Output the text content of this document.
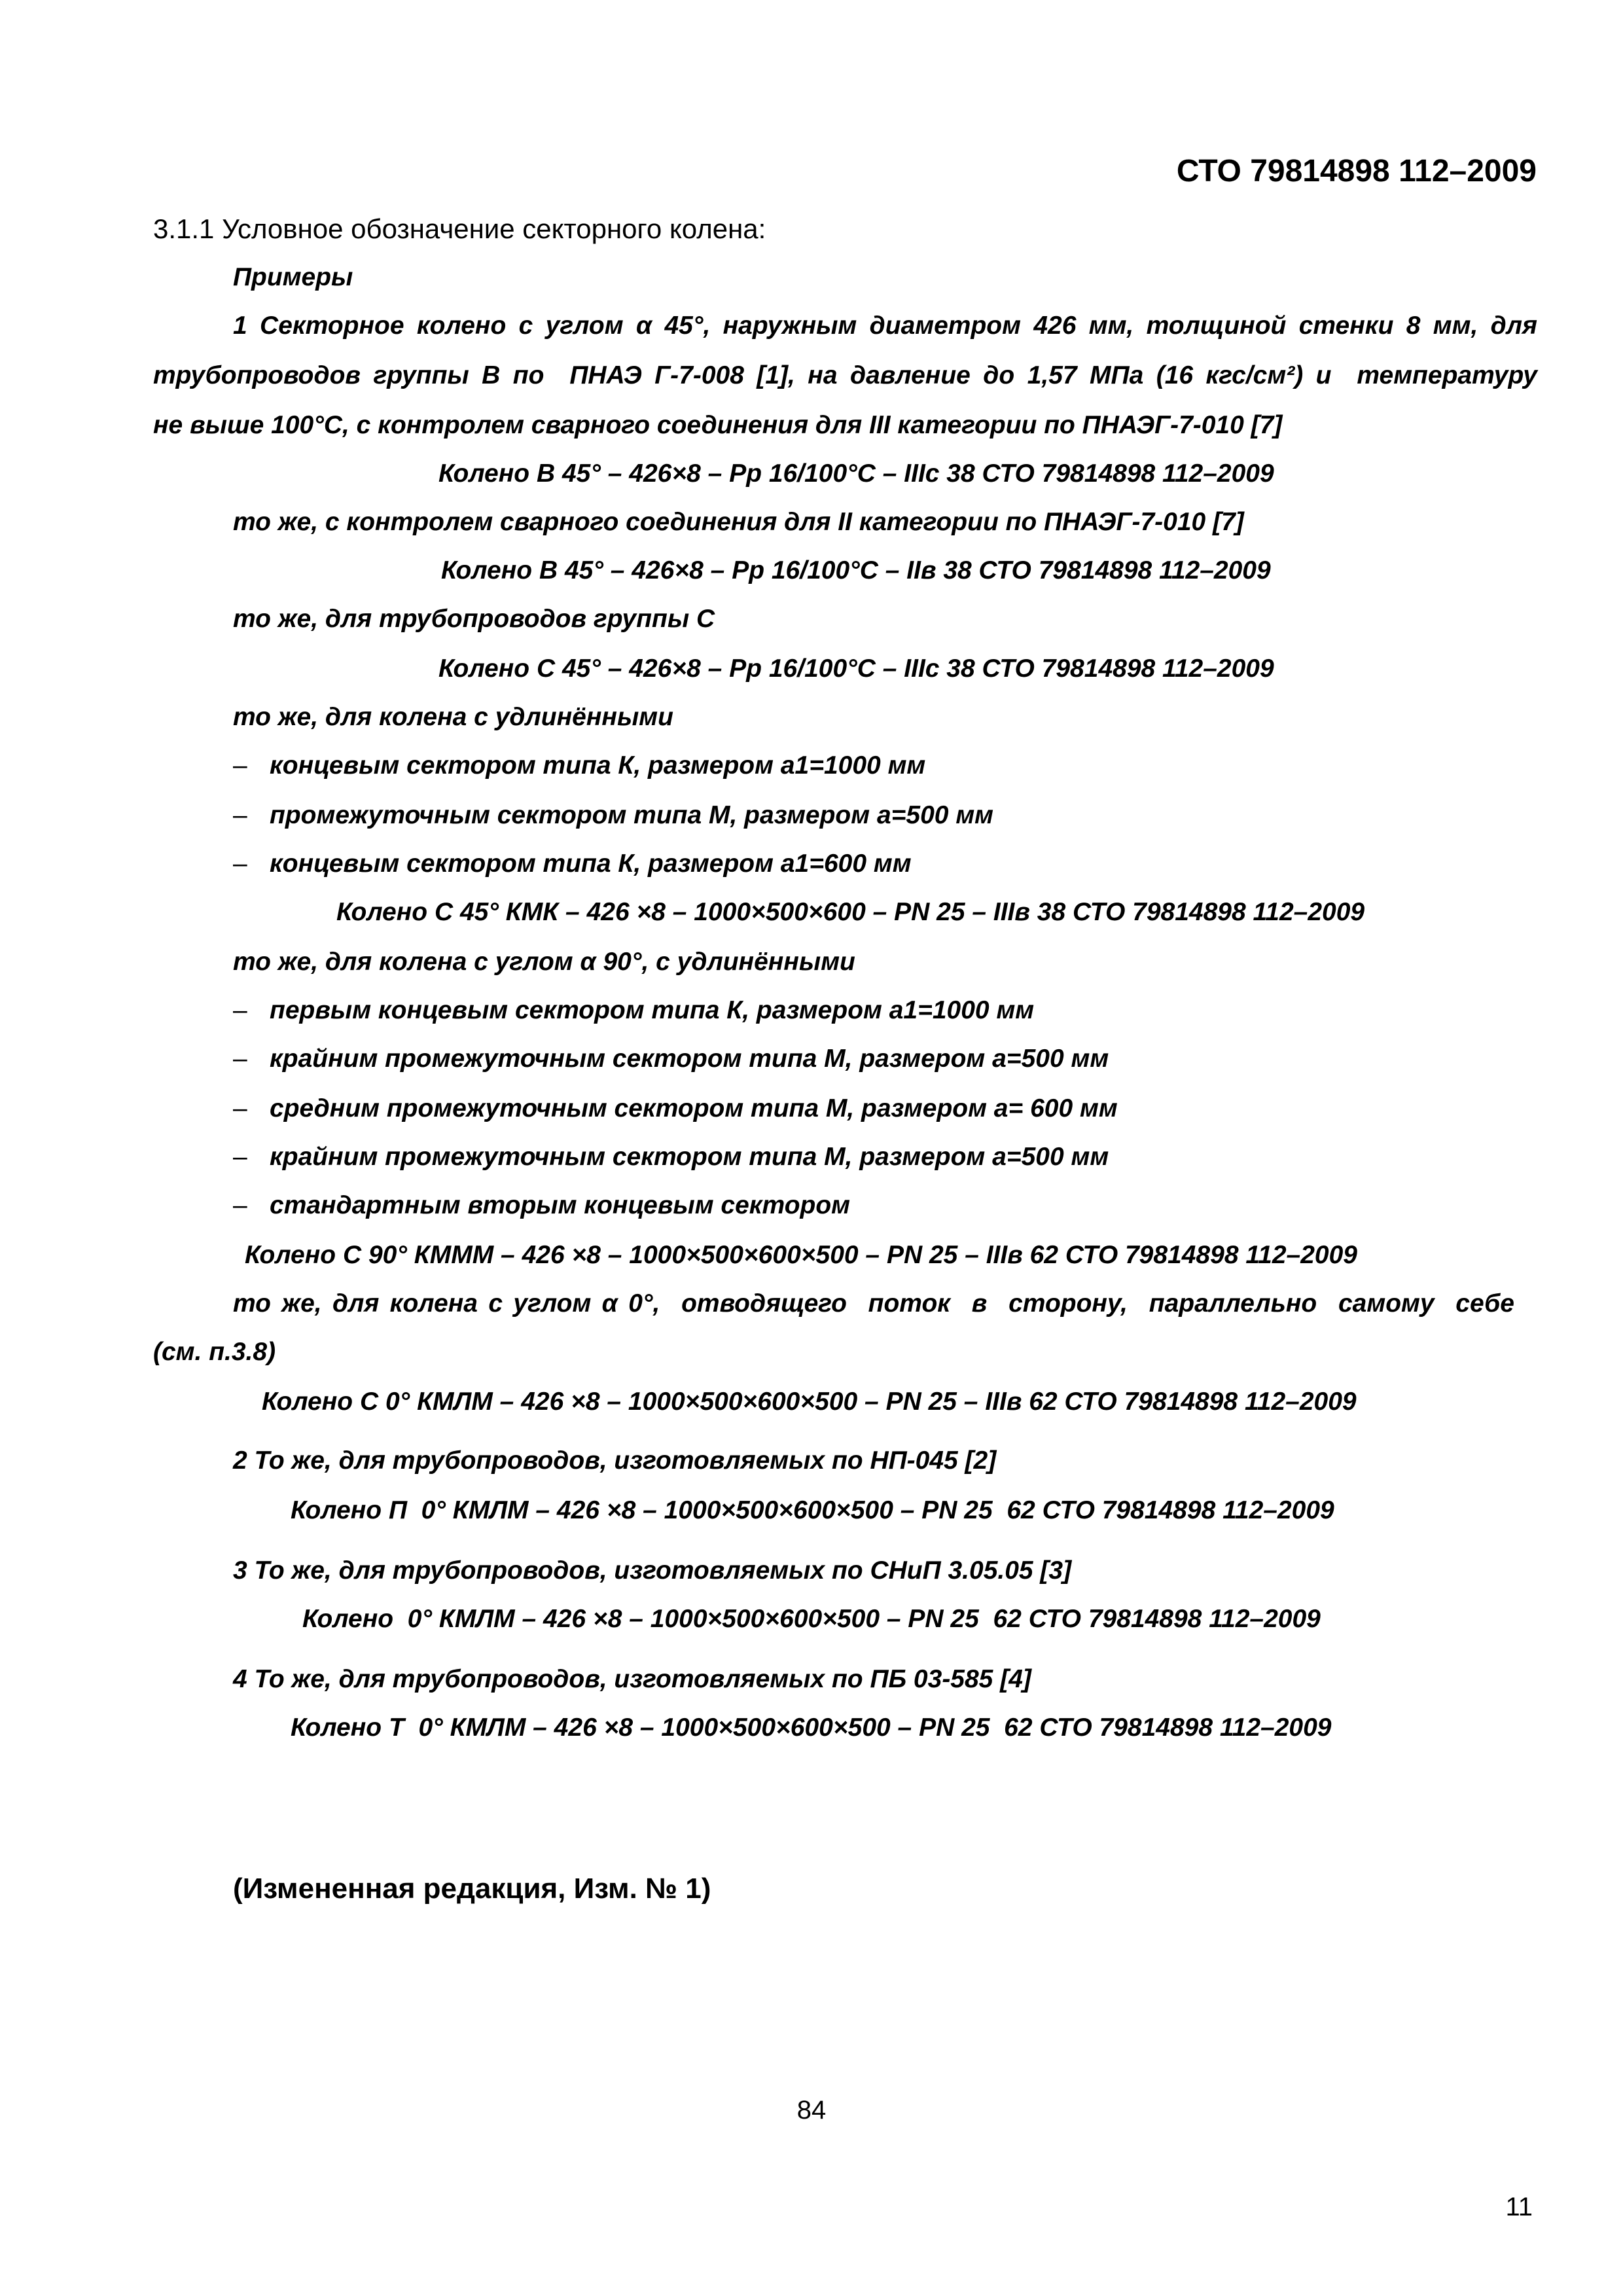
СТО 79814898 112–2009
3.1.1 Условное обозначение секторного колена:
Примеры
1 Секторное колено с углом α 45°, наружным диаметром 426 мм, толщиной стенки 8 мм, для
трубопроводов группы В по  ПНАЭ Г-7-008 [1], на давление до 1,57 МПа (16 кгс/см²) и  температуру
не выше 100°С, с контролем сварного соединения для III категории по ПНАЭГ-7-010 [7]
Колено В 45° – 426×8 – Рр 16/100°С – IIIс 38 СТО 79814898 112–2009
то же, с контролем сварного соединения для II категории по ПНАЭГ-7-010 [7]
Колено В 45° – 426×8 – Рр 16/100°С – IIв 38 СТО 79814898 112–2009
то же, для трубопроводов группы С
Колено С 45° – 426×8 – Рр 16/100°С – IIIс 38 СТО 79814898 112–2009
то же, для колена с удлинёнными
– концевым сектором типа К, размером а1=1000 мм
– промежуточным сектором типа М, размером а=500 мм
– концевым сектором типа К, размером а1=600 мм
Колено С 45° КМК – 426 ×8 – 1000×500×600 – PN 25 – IIIв 38 СТО 79814898 112–2009
то же, для колена с углом α 90°, с удлинёнными
– первым концевым сектором типа К, размером а1=1000 мм
– крайним промежуточным сектором типа М, размером а=500 мм
– средним промежуточным сектором типа М, размером а= 600 мм
– крайним промежуточным сектором типа М, размером а=500 мм
– стандартным вторым концевым сектором
Колено С 90° КМММ – 426 ×8 – 1000×500×600×500 – PN 25 – IIIв 62 СТО 79814898 112–2009
то же, для колена с углом α 0°,  отводящего  поток  в  сторону,  параллельно  самому  себе
(см. п.3.8)
Колено С 0° КМЛМ – 426 ×8 – 1000×500×600×500 – PN 25 – IIIв 62 СТО 79814898 112–2009
2 То же, для трубопроводов, изготовляемых по НП-045 [2]
Колено П  0° КМЛМ – 426 ×8 – 1000×500×600×500 – PN 25  62 СТО 79814898 112–2009
3 То же, для трубопроводов, изготовляемых по СНиП 3.05.05 [3]
Колено  0° КМЛМ – 426 ×8 – 1000×500×600×500 – PN 25  62 СТО 79814898 112–2009
4 То же, для трубопроводов, изготовляемых по ПБ 03-585 [4]
Колено Т  0° КМЛМ – 426 ×8 – 1000×500×600×500 – PN 25  62 СТО 79814898 112–2009
(Измененная редакция, Изм. № 1)
84
11
